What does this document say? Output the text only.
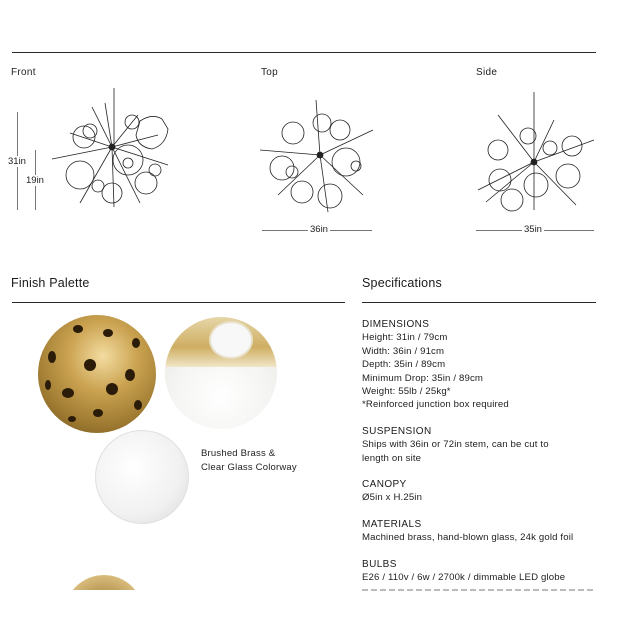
Front	Top	Side
31in
19in
36in	35in
Finish Palette
Brushed Brass &
Clear Glass Colorway
Specifications
DIMENSIONS
Height: 31in / 79cm
Width: 36in / 91cm
Depth: 35in / 89cm
Minimum Drop: 35in / 89cm
Weight: 55lb / 25kg*
*Reinforced junction box required
SUSPENSION
Ships with 36in or 72in stem, can be cut to
length on site
CANOPY
Ø5in x H.25in
MATERIALS
Machined brass, hand-blown glass, 24k gold foil
BULBS
E26 / 110v / 6w / 2700k / dimmable LED globe
